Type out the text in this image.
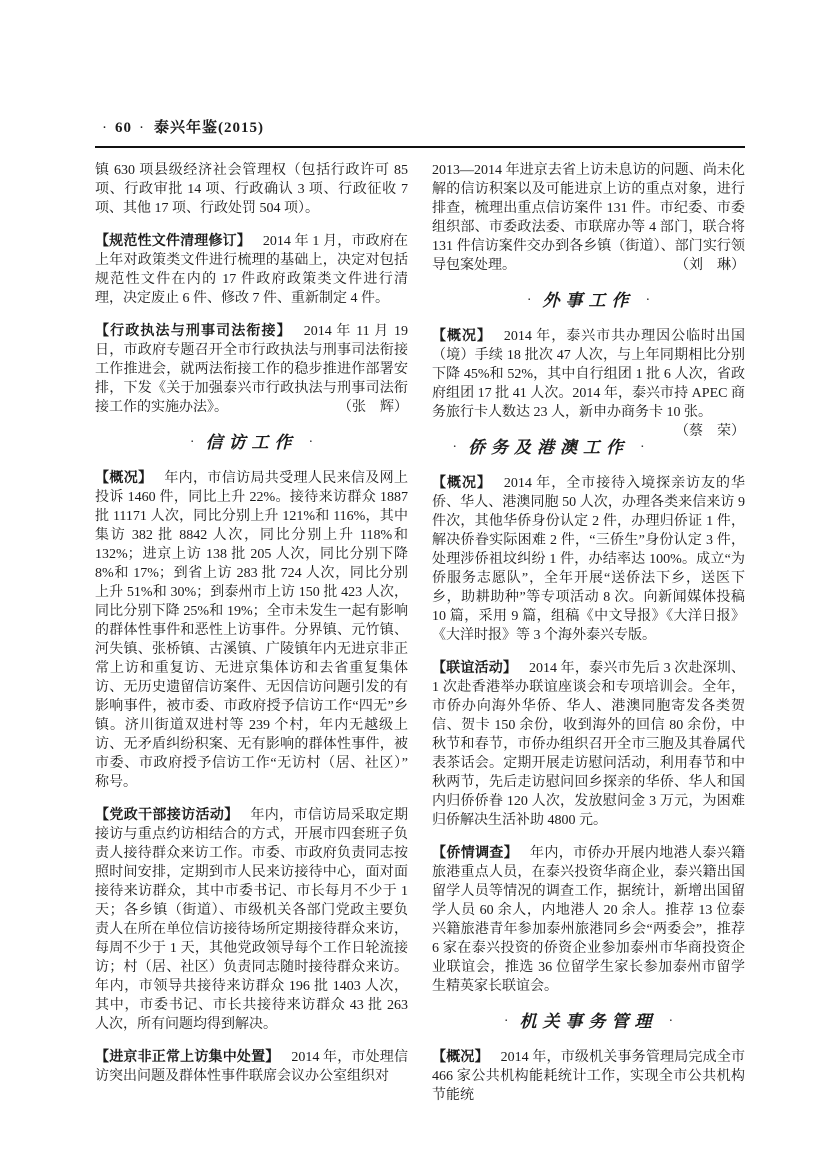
· 60 · 泰兴年鉴(2015)

镇 630 项县级经济社会管理权（包括行政许可 85 项、行政审批 14 项、行政确认 3 项、行政征收 7 项、其他 17 项、行政处罚 504 项）。

【规范性文件清理修订】 2014 年 1 月，市政府在上年对政策类文件进行梳理的基础上，决定对包括规范性文件在内的 17 件政府政策类文件进行清理，决定废止 6 件、修改 7 件、重新制定 4 件。

【行政执法与刑事司法衔接】 2014 年 11 月 19 日，市政府专题召开全市行政执法与刑事司法衔接工作推进会，就两法衔接工作的稳步推进作部署安排，下发《关于加强泰兴市行政执法与刑事司法衔接工作的实施办法》。	（张　辉）

· 信访工作 ·

【概况】 年内，市信访局共受理人民来信及网上投诉 1460 件，同比上升 22%。接待来访群众 1887 批 11171 人次，同比分别上升 121%和 116%，其中集访 382 批 8842 人次，同比分别上升 118%和 132%；进京上访 138 批 205 人次，同比分别下降 8%和 17%；到省上访 283 批 724 人次，同比分别上升 51%和 30%；到泰州市上访 150 批 423 人次，同比分别下降 25%和 19%；全市未发生一起有影响的群体性事件和恶性上访事件。分界镇、元竹镇、河失镇、张桥镇、古溪镇、广陵镇年内无进京非正常上访和重复访、无进京集体访和去省重复集体访、无历史遗留信访案件、无因信访问题引发的有影响事件，被市委、市政府授予信访工作“四无”乡镇。济川街道双进村等 239 个村，年内无越级上访、无矛盾纠纷积案、无有影响的群体性事件，被市委、市政府授予信访工作“无访村（居、社区）”称号。

【党政干部接访活动】 年内，市信访局采取定期接访与重点约访相结合的方式，开展市四套班子负责人接待群众来访工作。市委、市政府负责同志按照时间安排，定期到市人民来访接待中心，面对面接待来访群众，其中市委书记、市长每月不少于 1 天；各乡镇（街道）、市级机关各部门党政主要负责人在所在单位信访接待场所定期接待群众来访，每周不少于 1 天，其他党政领导每个工作日轮流接访；村（居、社区）负责同志随时接待群众来访。年内，市领导共接待来访群众 196 批 1403 人次，其中，市委书记、市长共接待来访群众 43 批 263 人次，所有问题均得到解决。

【进京非正常上访集中处置】 2014 年，市处理信访突出问题及群体性事件联席会议办公室组织对

2013—2014 年进京去省上访未息访的问题、尚未化解的信访积案以及可能进京上访的重点对象，进行排查，梳理出重点信访案件 131 件。市纪委、市委组织部、市委政法委、市联席办等 4 部门，联合将 131 件信访案件交办到各乡镇（街道）、部门实行领导包案处理。	（刘　琳）

· 外事工作 ·

【概况】 2014 年，泰兴市共办理因公临时出国（境）手续 18 批次 47 人次，与上年同期相比分别下降 45%和 52%，其中自行组团 1 批 6 人次，省政府组团 17 批 41 人次。2014 年，泰兴市持 APEC 商务旅行卡人数达 23 人，新申办商务卡 10 张。
（蔡　荣）

· 侨务及港澳工作 ·

【概况】 2014 年，全市接待入境探亲访友的华侨、华人、港澳同胞 50 人次，办理各类来信来访 9 件次，其他华侨身份认定 2 件，办理归侨证 1 件，解决侨眷实际困难 2 件，“三侨生”身份认定 3 件，处理涉侨祖坟纠纷 1 件，办结率达 100%。成立“为侨服务志愿队”，全年开展“送侨法下乡，送医下乡，助耕助种”等专项活动 8 次。向新闻媒体投稿 10 篇，采用 9 篇，组稿《中文导报》《大洋日报》《大洋时报》等 3 个海外泰兴专版。

【联谊活动】 2014 年，泰兴市先后 3 次赴深圳、1 次赴香港举办联谊座谈会和专项培训会。全年，市侨办向海外华侨、华人、港澳同胞寄发各类贺信、贺卡 150 余份，收到海外的回信 80 余份，中秋节和春节，市侨办组织召开全市三胞及其眷属代表茶话会。定期开展走访慰问活动，利用春节和中秋两节，先后走访慰问回乡探亲的华侨、华人和国内归侨侨眷 120 人次，发放慰问金 3 万元，为困难归侨解决生活补助 4800 元。

【侨情调查】 年内，市侨办开展内地港人泰兴籍旅港重点人员，在泰兴投资华商企业，泰兴籍出国留学人员等情况的调查工作，据统计，新增出国留学人员 60 余人，内地港人 20 余人。推荐 13 位泰兴籍旅港青年参加泰州旅港同乡会“两委会”，推荐 6 家在泰兴投资的侨资企业参加泰州市华商投资企业联谊会，推选 36 位留学生家长参加泰州市留学生精英家长联谊会。

· 机关事务管理 ·

【概况】 2014 年，市级机关事务管理局完成全市 466 家公共机构能耗统计工作，实现全市公共机构节能统
